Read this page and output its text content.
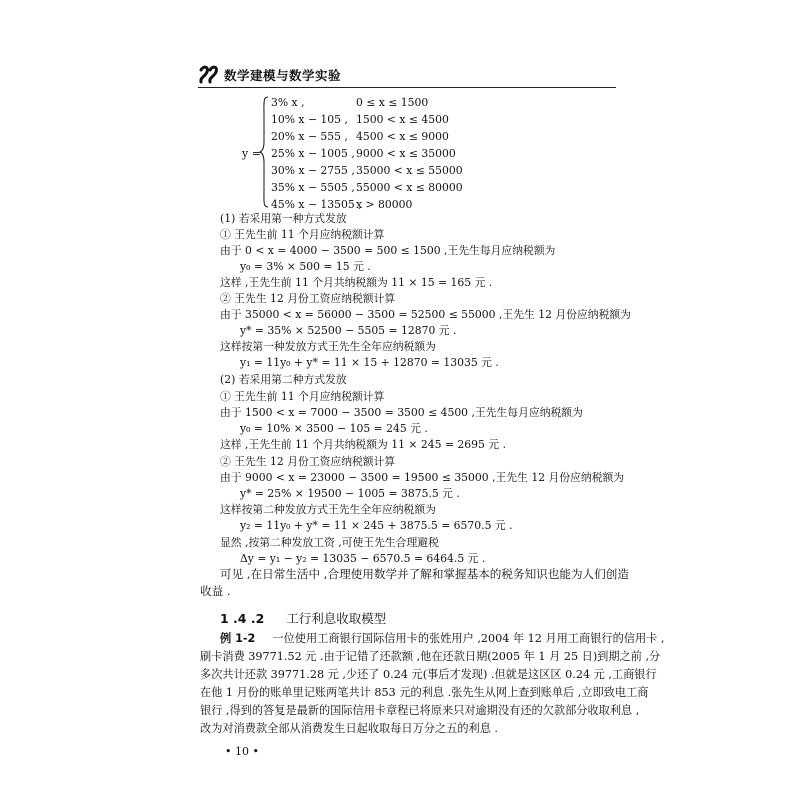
数学建模与数学实验
y =
3% x ,	0 ≤ x ≤ 1500
10% x − 105 , 1500 < x ≤ 4500
20% x − 555 , 4500 < x ≤ 9000
25% x − 1005 , 9000 < x ≤ 35000
30% x − 2755 , 35000 < x ≤ 55000
35% x − 5505 , 55000 < x ≤ 80000
45% x − 13505 ,
x > 80000
(1) 若采用第一种方式发放
① 王先生前 11 个月应纳税额计算
由于 0 < x = 4000 − 3500 = 500 ≤ 1500 ,王先生每月应纳税额为
y₀ = 3% × 500 = 15 元 .
这样 ,王先生前 11 个月共纳税额为 11 × 15 = 165 元 .
② 王先生 12 月份工资应纳税额计算
由于 35000 < x = 56000 − 3500 = 52500 ≤ 55000 ,王先生 12 月份应纳税额为
y* = 35% × 52500 − 5505 = 12870 元 .
这样按第一种发放方式王先生全年应纳税额为
y₁ = 11y₀ + y* = 11 × 15 + 12870 = 13035 元 .
(2) 若采用第二种方式发放
① 王先生前 11 个月应纳税额计算
由于 1500 < x = 7000 − 3500 = 3500 ≤ 4500 ,王先生每月应纳税额为
y₀ = 10% × 3500 − 105 = 245 元 .
这样 ,王先生前 11 个月共纳税额为 11 × 245 = 2695 元 .
② 王先生 12 月份工资应纳税额计算
由于 9000 < x = 23000 − 3500 = 19500 ≤ 35000 ,王先生 12 月份应纳税额为
y* = 25% × 19500 − 1005 = 3875.5 元 .
这样按第二种发放方式王先生全年应纳税额为
y₂ = 11y₀ + y* = 11 × 245 + 3875.5 = 6570.5 元 .
显然 ,按第二种发放工资 ,可使王先生合理避税
Δy = y₁ − y₂ = 13035 − 6570.5 = 6464.5 元 .
可见 ,在日常生活中 ,合理使用数学并了解和掌握基本的税务知识也能为人们创造
收益 .
1 .4 .2 工行利息收取模型
例 1-2 一位使用工商银行国际信用卡的张姓用户 ,2004 年 12 月用工商银行的信用卡 ,
刷卡消费 39771.52 元 .由于记错了还款额 ,他在还款日期(2005 年 1 月 25 日)到期之前 ,分
多次共计还款 39771.28 元 ,少还了 0.24 元(事后才发现) .但就是这区区 0.24 元 ,工商银行
在他 1 月份的账单里记账两笔共计 853 元的利息 .张先生从网上查到账单后 ,立即致电工商
银行 ,得到的答复是最新的国际信用卡章程已将原来只对逾期没有还的欠款部分收取利息 ,
改为对消费款全部从消费发生日起收取每日万分之五的利息 .
• 10 •
